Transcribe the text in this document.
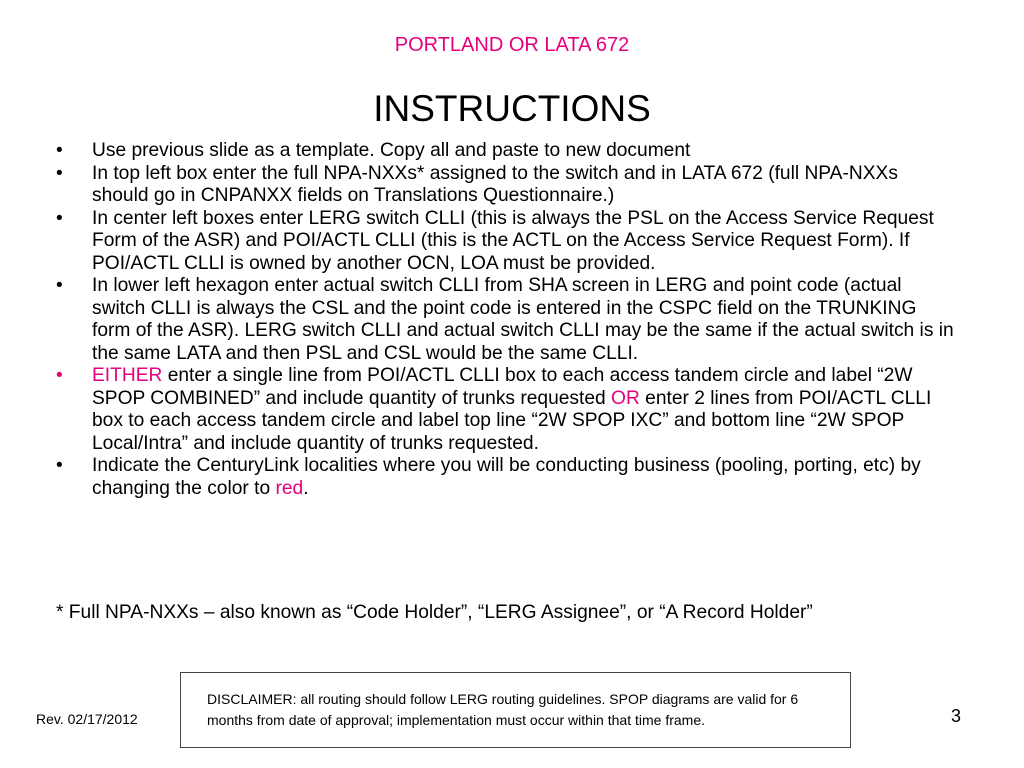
PORTLAND OR LATA 672
INSTRUCTIONS
• Use previous slide as a template. Copy all and paste to new document
• In top left box enter the full NPA-NXXs* assigned to the switch and in LATA 672 (full NPA-NXXs should go in CNPANXX fields on Translations Questionnaire.)
• In center left boxes enter LERG switch CLLI (this is always the PSL on the Access Service Request Form of the ASR) and POI/ACTL CLLI (this is the ACTL on the Access Service Request Form). If POI/ACTL CLLI is owned by another OCN, LOA must be provided.
• In lower left hexagon enter actual switch CLLI from SHA screen in LERG and point code (actual switch CLLI is always the CSL and the point code is entered in the CSPC field on the TRUNKING form of the ASR). LERG switch CLLI and actual switch CLLI may be the same if the actual switch is in the same LATA and then PSL and CSL would be the same CLLI.
• EITHER enter a single line from POI/ACTL CLLI box to each access tandem circle and label “2W SPOP COMBINED” and include quantity of trunks requested OR enter 2 lines from POI/ACTL CLLI box to each access tandem circle and label top line “2W SPOP IXC” and bottom line “2W SPOP Local/Intra” and include quantity of trunks requested.
• Indicate the CenturyLink localities where you will be conducting business (pooling, porting, etc) by changing the color to red.
* Full NPA-NXXs – also known as “Code Holder”, “LERG Assignee”, or “A Record Holder”
Rev. 02/17/2012
DISCLAIMER: all routing should follow LERG routing guidelines. SPOP diagrams are valid for 6 months from date of approval; implementation must occur within that time frame.	3
